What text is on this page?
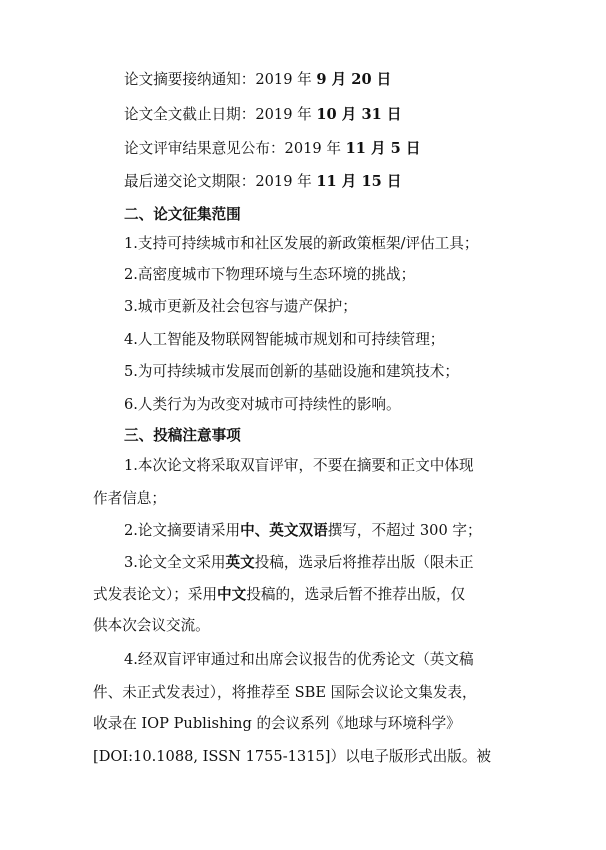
论文摘要接纳通知：2019 年 9 月 20 日
论文全文截止日期：2019 年 10 月 31 日
论文评审结果意见公布：2019 年 11 月 5 日
最后递交论文期限：2019 年 11 月 15 日
二、论文征集范围
1.支持可持续城市和社区发展的新政策框架/评估工具；
2.高密度城市下物理环境与生态环境的挑战；
3.城市更新及社会包容与遗产保护；
4.人工智能及物联网智能城市规划和可持续管理；
5.为可持续城市发展而创新的基础设施和建筑技术；
6.人类行为为改变对城市可持续性的影响。
三、投稿注意事项
1.本次论文将采取双盲评审，不要在摘要和正文中体现
作者信息；
2.论文摘要请采用中、英文双语撰写，不超过 300 字；
3.论文全文采用英文投稿，选录后将推荐出版（限未正
式发表论文）；采用中文投稿的，选录后暂不推荐出版，仅
供本次会议交流。
4.经双盲评审通过和出席会议报告的优秀论文（英文稿
件、未正式发表过），将推荐至 SBE 国际会议论文集发表，
收录在 IOP Publishing 的会议系列《地球与环境科学》
[DOI:10.1088, ISSN 1755-1315]）以电子版形式出版。被
